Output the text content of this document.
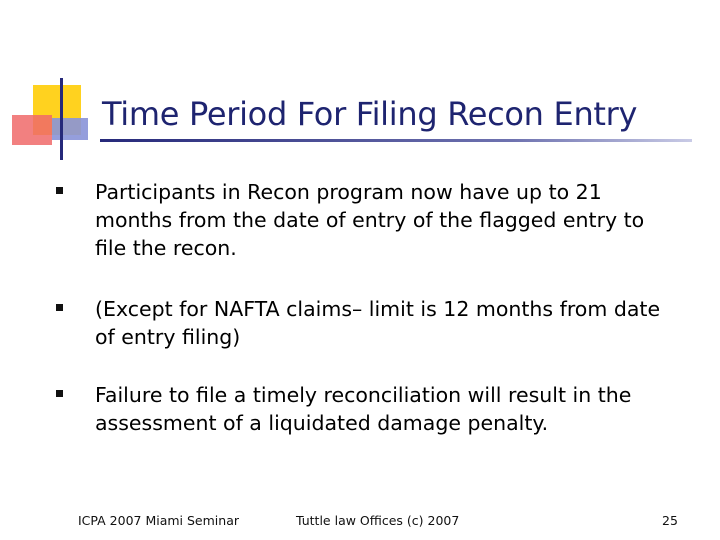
Time Period For Filing Recon Entry
Participants in Recon program now have up to 21 months from the date of entry of the flagged entry to file the recon.
(Except for NAFTA claims– limit is 12 months from date of entry filing)
Failure to file a timely reconciliation will result in the assessment of a liquidated damage penalty.
ICPA 2007 Miami Seminar	Tuttle law Offices (c) 2007	25
